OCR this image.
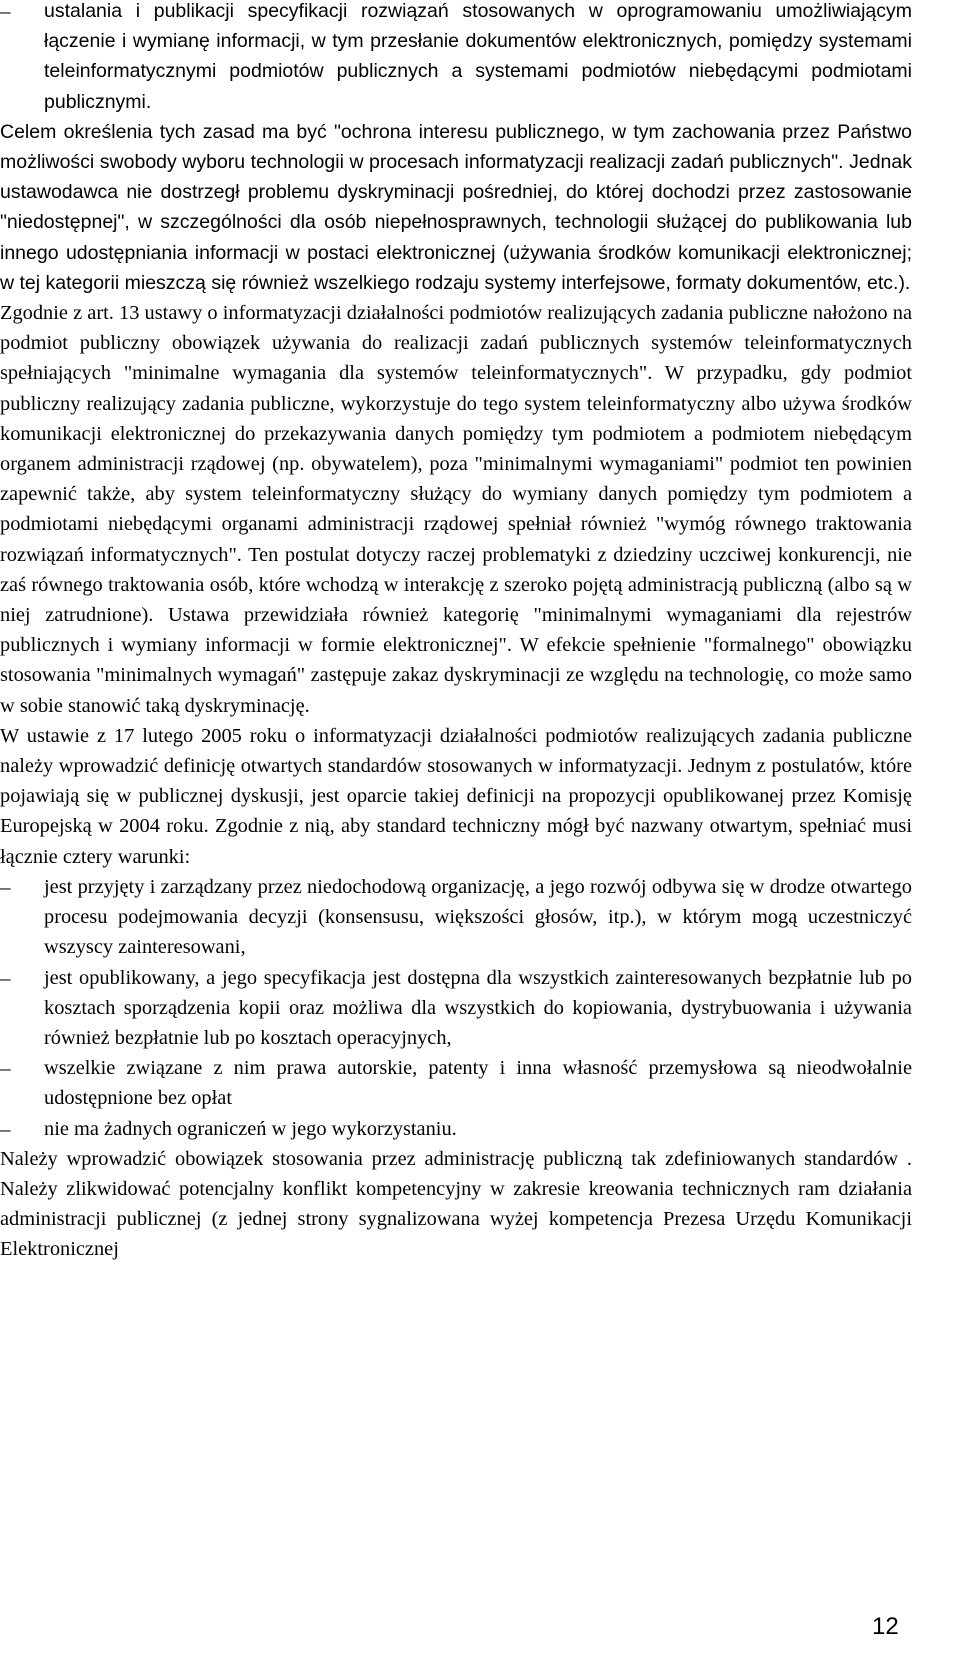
–	ustalania i publikacji specyfikacji rozwiązań stosowanych w oprogramowaniu umożliwiającym łączenie i wymianę informacji, w tym przesłanie dokumentów elektronicznych, pomiędzy systemami teleinformatycznymi podmiotów publicznych a systemami podmiotów niebędącymi podmiotami publicznymi.

Celem określenia tych zasad ma być "ochrona interesu publicznego, w tym zachowania przez Państwo możliwości swobody wyboru technologii w procesach informatyzacji realizacji zadań publicznych". Jednak ustawodawca nie dostrzegł problemu dyskryminacji pośredniej, do której dochodzi przez zastosowanie "niedostępnej", w szczególności dla osób niepełnosprawnych, technologii służącej do publikowania lub innego udostępniania informacji w postaci elektronicznej (używania środków komunikacji elektronicznej; w tej kategorii mieszczą się również wszelkiego rodzaju systemy interfejsowe, formaty dokumentów, etc.).

Zgodnie z art. 13 ustawy o informatyzacji działalności podmiotów realizujących zadania publiczne nałożono na podmiot publiczny obowiązek używania do realizacji zadań publicznych systemów teleinformatycznych spełniających "minimalne wymagania dla systemów teleinformatycznych". W przypadku, gdy podmiot publiczny realizujący zadania publiczne, wykorzystuje do tego system teleinformatyczny albo używa środków komunikacji elektronicznej do przekazywania danych pomiędzy tym podmiotem a podmiotem niebędącym organem administracji rządowej (np. obywatelem), poza "minimalnymi wymaganiami" podmiot ten powinien zapewnić także, aby system teleinformatyczny służący do wymiany danych pomiędzy tym podmiotem a podmiotami niebędącymi organami administracji rządowej spełniał również "wymóg równego traktowania rozwiązań informatycznych". Ten postulat dotyczy raczej problematyki z dziedziny uczciwej konkurencji, nie zaś równego traktowania osób, które wchodzą w interakcję z szeroko pojętą administracją publiczną (albo są w niej zatrudnione). Ustawa przewidziała również kategorię "minimalnymi wymaganiami dla rejestrów publicznych i wymiany informacji w formie elektronicznej". W efekcie spełnienie "formalnego" obowiązku stosowania "minimalnych wymagań" zastępuje zakaz dyskryminacji ze względu na technologię, co może samo w sobie stanowić taką dyskryminację.

W ustawie z 17 lutego 2005 roku o informatyzacji działalności podmiotów realizujących zadania publiczne należy wprowadzić definicję otwartych standardów stosowanych w informatyzacji. Jednym z postulatów, które pojawiają się w publicznej dyskusji, jest oparcie takiej definicji na propozycji opublikowanej przez Komisję Europejską w 2004 roku. Zgodnie z nią, aby standard techniczny mógł być nazwany otwartym, spełniać musi łącznie cztery warunki:

–	jest przyjęty i zarządzany przez niedochodową organizację, a jego rozwój odbywa się w drodze otwartego procesu podejmowania decyzji (konsensusu, większości głosów, itp.), w którym mogą uczestniczyć wszyscy zainteresowani,

–	jest opublikowany, a jego specyfikacja jest dostępna dla wszystkich zainteresowanych bezpłatnie lub po kosztach sporządzenia kopii oraz możliwa dla wszystkich do kopiowania, dystrybuowania i używania również bezpłatnie lub po kosztach operacyjnych,

–	wszelkie związane z nim prawa autorskie, patenty i inna własność przemysłowa są nieodwołalnie udostępnione bez opłat

–	nie ma żadnych ograniczeń w jego wykorzystaniu.

Należy wprowadzić obowiązek stosowania przez administrację publiczną tak zdefiniowanych standardów . Należy zlikwidować potencjalny konflikt kompetencyjny w zakresie kreowania technicznych ram działania administracji publicznej (z jednej strony sygnalizowana wyżej kompetencja Prezesa Urzędu Komunikacji Elektronicznej

12
